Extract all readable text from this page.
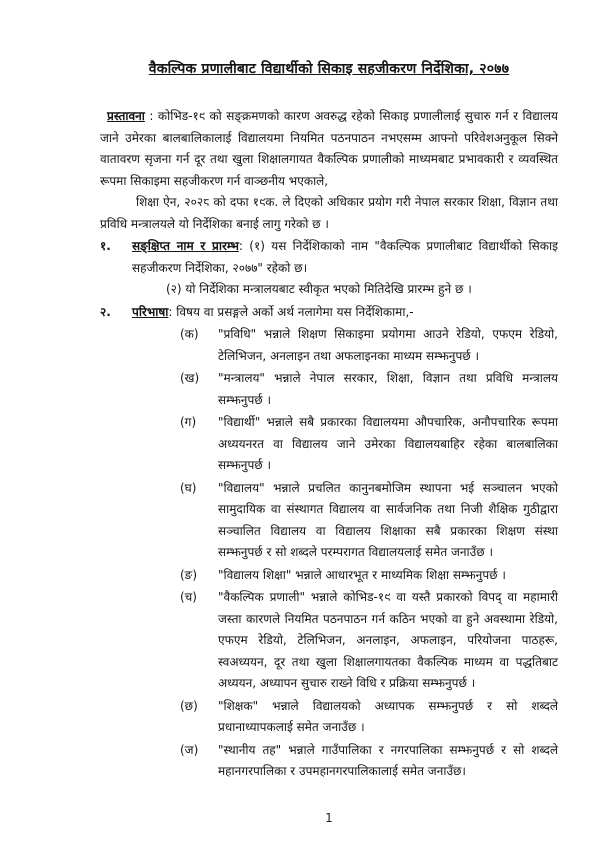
वैकल्पिक प्रणालीबाट विद्यार्थीको सिकाइ सहजीकरण निर्देशिका, २०७७

प्रस्तावना : कोभिड-१९ को सङ्क्रमणको कारण अवरुद्ध रहेको सिकाइ प्रणालीलाई सुचारु गर्न र विद्यालय जाने उमेरका बालबालिकालाई विद्यालयमा नियमित पठनपाठन नभएसम्म आफ्नो परिवेशअनुकूल सिक्ने वातावरण सृजना गर्न दूर तथा खुला शिक्षालगायत वैकल्पिक प्रणालीको माध्यमबाट प्रभावकारी र व्यवस्थित रूपमा सिकाइमा सहजीकरण गर्न वाञ्छनीय भएकाले,

शिक्षा ऐन, २०२८ को दफा १९क. ले दिएको अधिकार प्रयोग गरी नेपाल सरकार शिक्षा, विज्ञान तथा प्रविधि मन्त्रालयले यो निर्देशिका बनाई लागु गरेको छ ।

१. सङ्क्षिप्त नाम र प्रारम्भ: (१) यस निर्देशिकाको नाम "वैकल्पिक प्रणालीबाट विद्यार्थीको सिकाइ सहजीकरण निर्देशिका, २०७७" रहेको छ।

(२) यो निर्देशिका मन्त्रालयबाट स्वीकृत भएको मितिदेखि प्रारम्भ हुने छ ।

२. परिभाषा: विषय वा प्रसङ्गले अर्को अर्थ नलागेमा यस निर्देशिकामा,-

(क) "प्रविधि" भन्नाले शिक्षण सिकाइमा प्रयोगमा आउने रेडियो, एफएम रेडियो, टेलिभिजन, अनलाइन तथा अफलाइनका माध्यम सम्झनुपर्छ ।

(ख) "मन्त्रालय" भन्नाले नेपाल सरकार, शिक्षा, विज्ञान तथा प्रविधि मन्त्रालय सम्झनुपर्छ ।

(ग) "विद्यार्थी" भन्नाले सबै प्रकारका विद्यालयमा औपचारिक, अनौपचारिक रूपमा अध्ययनरत वा विद्यालय जाने उमेरका विद्यालयबाहिर रहेका बालबालिका सम्झनुपर्छ ।

(घ) "विद्यालय" भन्नाले प्रचलित कानुनबमोजिम स्थापना भई सञ्चालन भएको सामुदायिक वा संस्थागत विद्यालय वा सार्वजनिक तथा निजी शैक्षिक गुठीद्वारा सञ्चालित विद्यालय वा विद्यालय शिक्षाका सबै प्रकारका शिक्षण संस्था सम्झनुपर्छ र सो शब्दले परम्परागत विद्यालयलाई समेत जनाउँछ ।

(ङ) "विद्यालय शिक्षा" भन्नाले आधारभूत र माध्यमिक शिक्षा सम्झनुपर्छ ।

(च) "वैकल्पिक प्रणाली" भन्नाले कोभिड-१९ वा यस्तै प्रकारको विपद् वा महामारी जस्ता कारणले नियमित पठनपाठन गर्न कठिन भएको वा हुने अवस्थामा रेडियो, एफएम रेडियो, टेलिभिजन, अनलाइन, अफलाइन, परियोजना पाठहरू, स्वअध्ययन, दूर तथा खुला शिक्षालगायतका वैकल्पिक माध्यम वा पद्धतिबाट अध्ययन, अध्यापन सुचारु राख्ने विधि र प्रक्रिया सम्झनुपर्छ ।

(छ) "शिक्षक" भन्नाले विद्यालयको अध्यापक सम्झनुपर्छ र सो शब्दले प्रधानाध्यापकलाई समेत जनाउँछ ।

(ज) "स्थानीय तह" भन्नाले गाउँपालिका र नगरपालिका सम्झनुपर्छ र सो शब्दले महानगरपालिका र उपमहानगरपालिकालाई समेत जनाउँछ।

1
